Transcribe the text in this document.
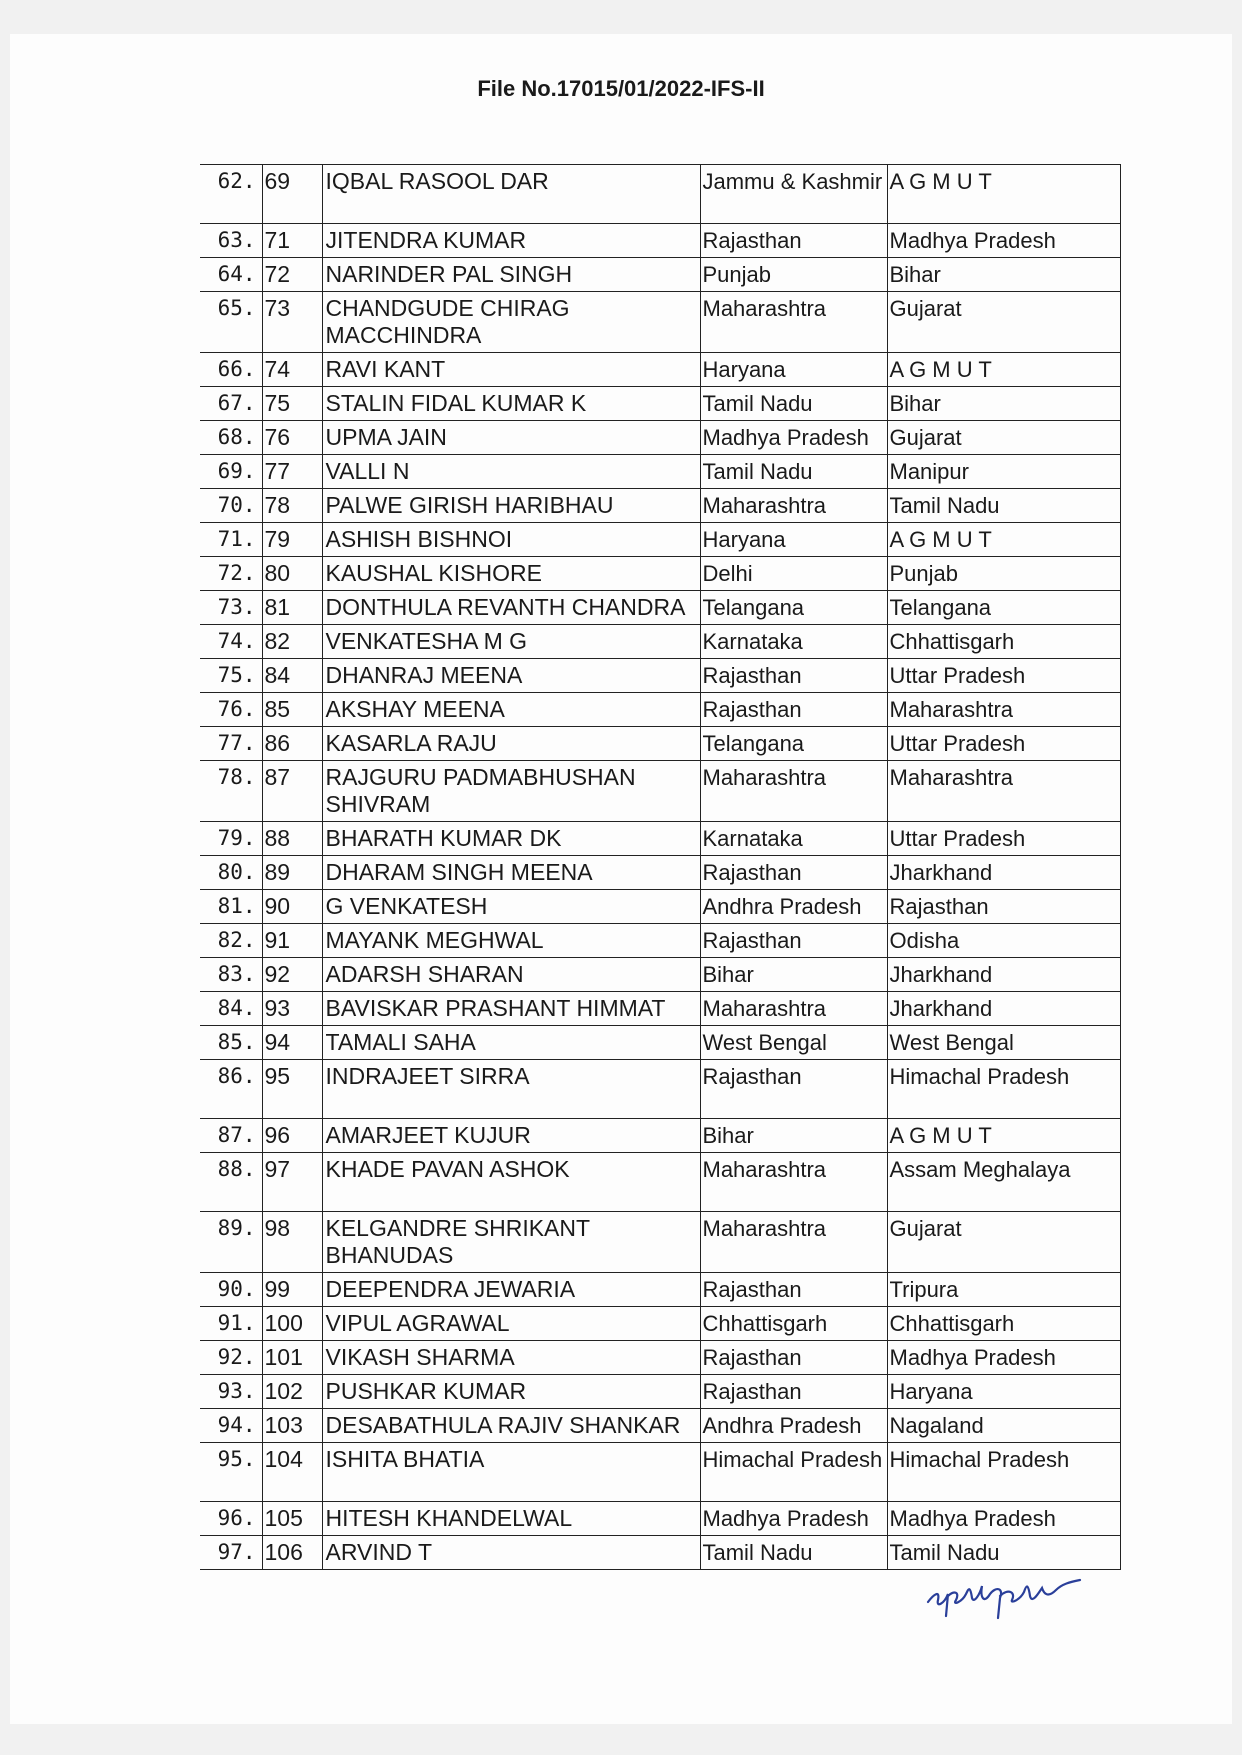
File No.17015/01/2022-IFS-II
62.	69	IQBAL RASOOL DAR	Jammu & Kashmir	A G M U T
63.	71	JITENDRA KUMAR	Rajasthan	Madhya Pradesh
64.	72	NARINDER PAL SINGH	Punjab	Bihar
65.	73	CHANDGUDE CHIRAG MACCHINDRA	Maharashtra	Gujarat
66.	74	RAVI KANT	Haryana	A G M U T
67.	75	STALIN FIDAL KUMAR K	Tamil Nadu	Bihar
68.	76	UPMA JAIN	Madhya Pradesh	Gujarat
69.	77	VALLI N	Tamil Nadu	Manipur
70.	78	PALWE GIRISH HARIBHAU	Maharashtra	Tamil Nadu
71.	79	ASHISH BISHNOI	Haryana	A G M U T
72.	80	KAUSHAL KISHORE	Delhi	Punjab
73.	81	DONTHULA REVANTH CHANDRA	Telangana	Telangana
74.	82	VENKATESHA M G	Karnataka	Chhattisgarh
75.	84	DHANRAJ MEENA	Rajasthan	Uttar Pradesh
76.	85	AKSHAY MEENA	Rajasthan	Maharashtra
77.	86	KASARLA RAJU	Telangana	Uttar Pradesh
78.	87	RAJGURU PADMABHUSHAN SHIVRAM	Maharashtra	Maharashtra
79.	88	BHARATH KUMAR DK	Karnataka	Uttar Pradesh
80.	89	DHARAM SINGH MEENA	Rajasthan	Jharkhand
81.	90	G VENKATESH	Andhra Pradesh	Rajasthan
82.	91	MAYANK MEGHWAL	Rajasthan	Odisha
83.	92	ADARSH SHARAN	Bihar	Jharkhand
84.	93	BAVISKAR PRASHANT HIMMAT	Maharashtra	Jharkhand
85.	94	TAMALI SAHA	West Bengal	West Bengal
86.	95	INDRAJEET SIRRA	Rajasthan	Himachal Pradesh
87.	96	AMARJEET KUJUR	Bihar	A G M U T
88.	97	KHADE PAVAN ASHOK	Maharashtra	Assam Meghalaya
89.	98	KELGANDRE SHRIKANT BHANUDAS	Maharashtra	Gujarat
90.	99	DEEPENDRA JEWARIA	Rajasthan	Tripura
91.	100	VIPUL AGRAWAL	Chhattisgarh	Chhattisgarh
92.	101	VIKASH SHARMA	Rajasthan	Madhya Pradesh
93.	102	PUSHKAR KUMAR	Rajasthan	Haryana
94.	103	DESABATHULA RAJIV SHANKAR	Andhra Pradesh	Nagaland
95.	104	ISHITA BHATIA	Himachal Pradesh	Himachal Pradesh
96.	105	HITESH KHANDELWAL	Madhya Pradesh	Madhya Pradesh
97.	106	ARVIND T	Tamil Nadu	Tamil Nadu
